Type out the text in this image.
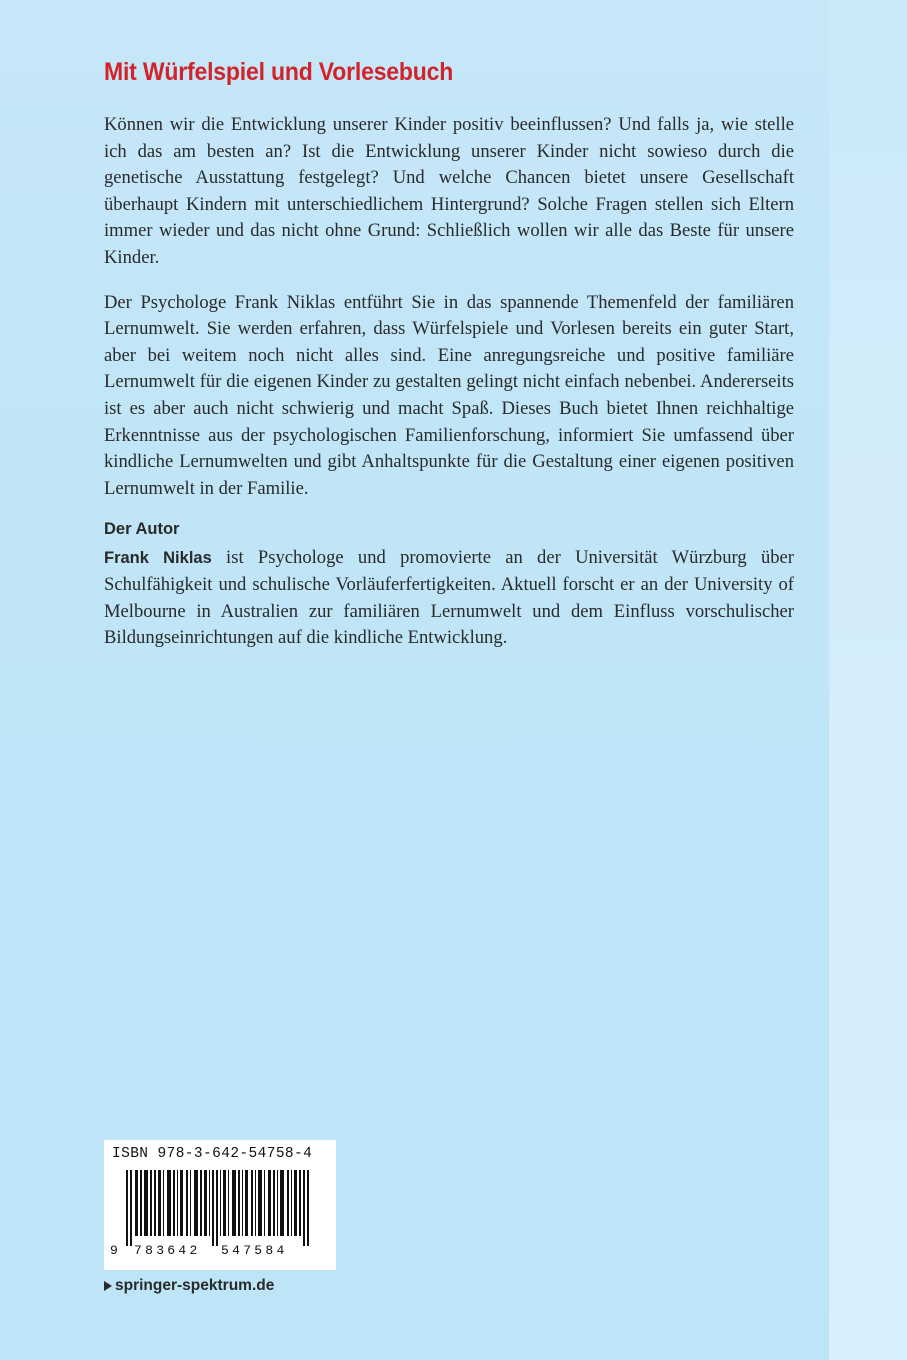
Mit Würfelspiel und Vorlesebuch

Können wir die Entwicklung unserer Kinder positiv beeinflussen? Und falls ja, wie stelle ich das am besten an? Ist die Entwicklung unserer Kinder nicht sowieso durch die genetische Ausstattung festgelegt? Und welche Chancen bietet unsere Gesellschaft überhaupt Kindern mit unterschiedlichem Hintergrund? Solche Fragen stellen sich Eltern immer wieder und das nicht ohne Grund: Schließlich wollen wir alle das Beste für unsere Kinder.

Der Psychologe Frank Niklas entführt Sie in das spannende Themenfeld der familiären Lernumwelt. Sie werden erfahren, dass Würfelspiele und Vorlesen bereits ein guter Start, aber bei weitem noch nicht alles sind. Eine anregungsreiche und positive familiäre Lernumwelt für die eigenen Kinder zu gestalten gelingt nicht einfach nebenbei. Andererseits ist es aber auch nicht schwierig und macht Spaß. Dieses Buch bietet Ihnen reichhaltige Erkenntnisse aus der psychologischen Familienforschung, informiert Sie umfassend über kindliche Lernumwelten und gibt Anhaltspunkte für die Gestaltung einer eigenen positiven Lernumwelt in der Familie.

Der Autor

Frank Niklas ist Psychologe und promovierte an der Universität Würzburg über Schulfähigkeit und schulische Vorläuferfertigkeiten. Aktuell forscht er an der University of Melbourne in Australien zur familiären Lernumwelt und dem Einfluss vorschulischer Bildungseinrichtungen auf die kindliche Entwicklung.

ISBN 978-3-642-54758-4
9 783642 547584
springer-spektrum.de
